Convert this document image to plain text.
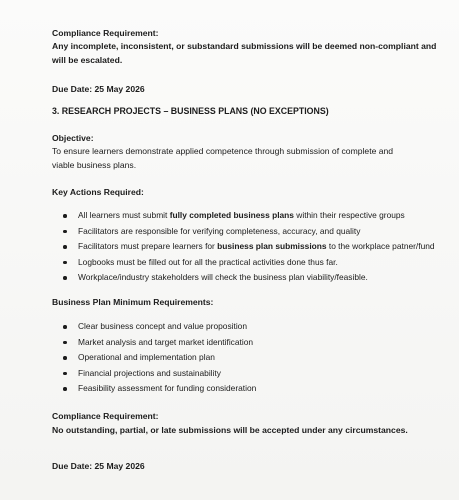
Compliance Requirement:
Any incomplete, inconsistent, or substandard submissions will be deemed non-compliant and
will be escalated.
Due Date: 25 May 2026
3. RESEARCH PROJECTS – BUSINESS PLANS (NO EXCEPTIONS)
Objective:
To ensure learners demonstrate applied competence through submission of complete and
viable business plans.
Key Actions Required:
All learners must submit fully completed business plans within their respective groups
Facilitators are responsible for verifying completeness, accuracy, and quality
Facilitators must prepare learners for business plan submissions to the workplace patner/fund
Logbooks must be filled out for all the practical activities done thus far.
Workplace/industry stakeholders will check the business plan viability/feasible.
Business Plan Minimum Requirements:
Clear business concept and value proposition
Market analysis and target market identification
Operational and implementation plan
Financial projections and sustainability
Feasibility assessment for funding consideration
Compliance Requirement:
No outstanding, partial, or late submissions will be accepted under any circumstances.
Due Date: 25 May 2026
